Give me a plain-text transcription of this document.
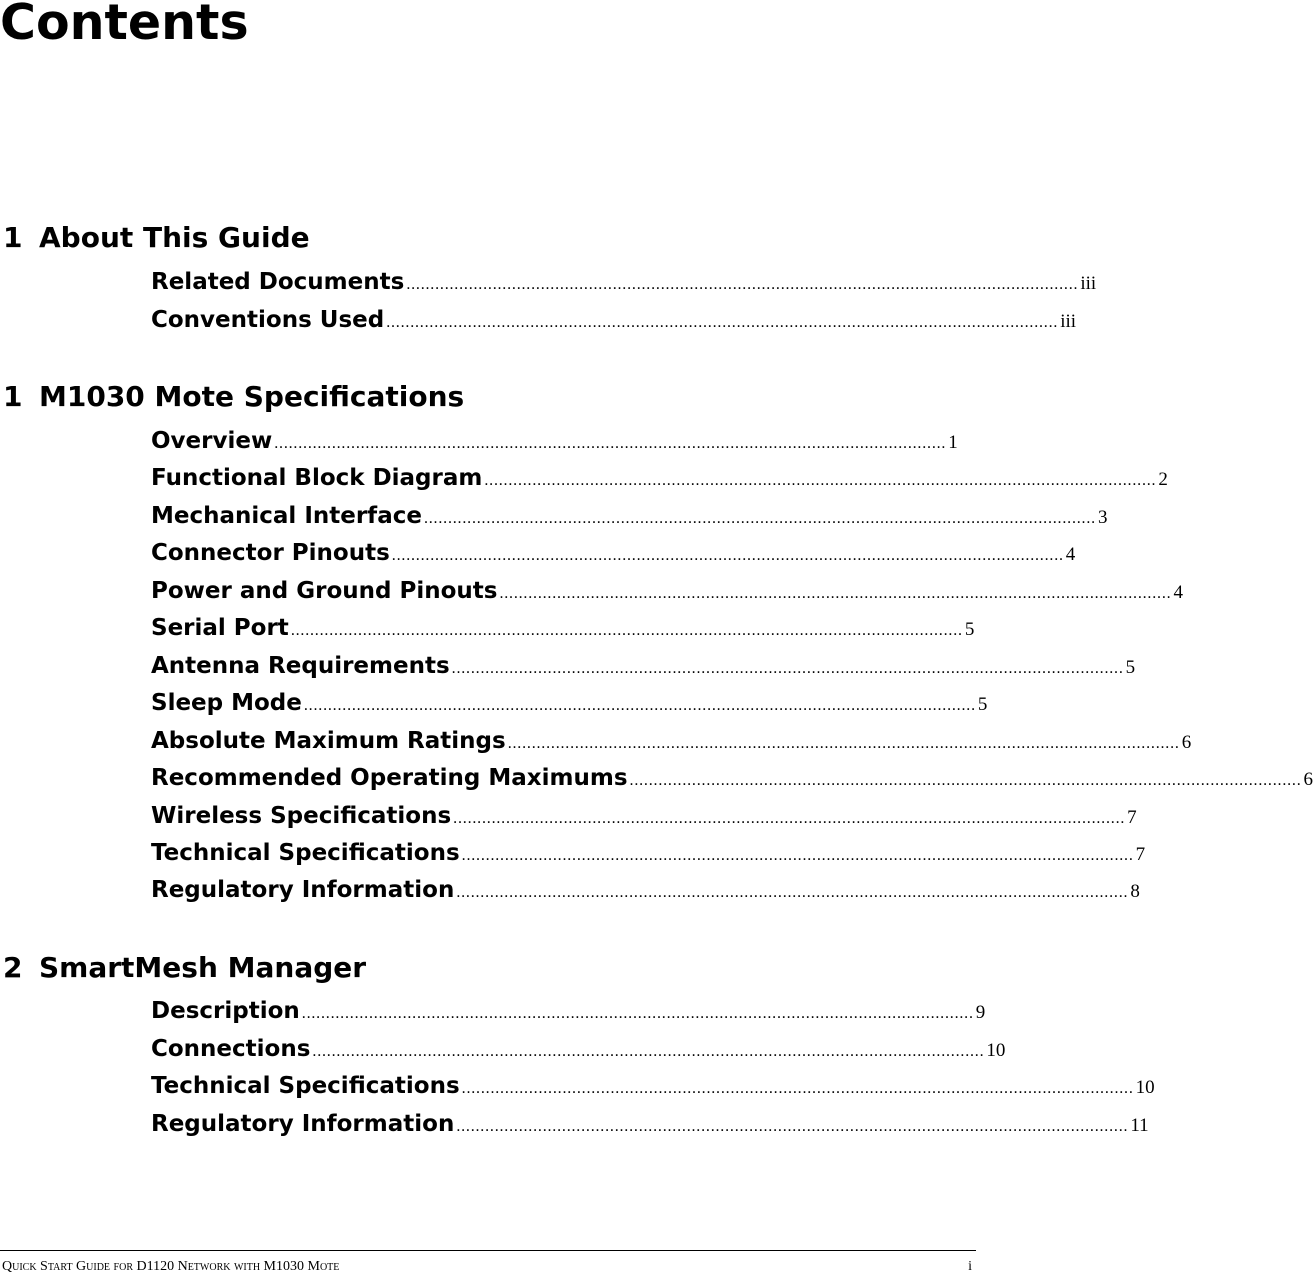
Contents
1 About This Guide
Related Documents ............................................................................................................................................ iii
Conventions Used ............................................................................................................................................ iii
1 M1030 Mote Specifications
Overview ............................................................................................................................................ 1
Functional Block Diagram ............................................................................................................................................ 2
Mechanical Interface ............................................................................................................................................ 3
Connector Pinouts ............................................................................................................................................ 4
Power and Ground Pinouts ............................................................................................................................................ 4
Serial Port ............................................................................................................................................ 5
Antenna Requirements ............................................................................................................................................ 5
Sleep Mode ............................................................................................................................................ 5
Absolute Maximum Ratings ............................................................................................................................................ 6
Recommended Operating Maximums ............................................................................................................................................ 6
Wireless Specifications ............................................................................................................................................ 7
Technical Specifications ............................................................................................................................................ 7
Regulatory Information ............................................................................................................................................ 8
2 SmartMesh Manager
Description ............................................................................................................................................ 9
Connections ............................................................................................................................................ 10
Technical Specifications ............................................................................................................................................ 10
Regulatory Information ............................................................................................................................................ 11
Quick Start Guide for D1120 Network with M1030 Mote	i
